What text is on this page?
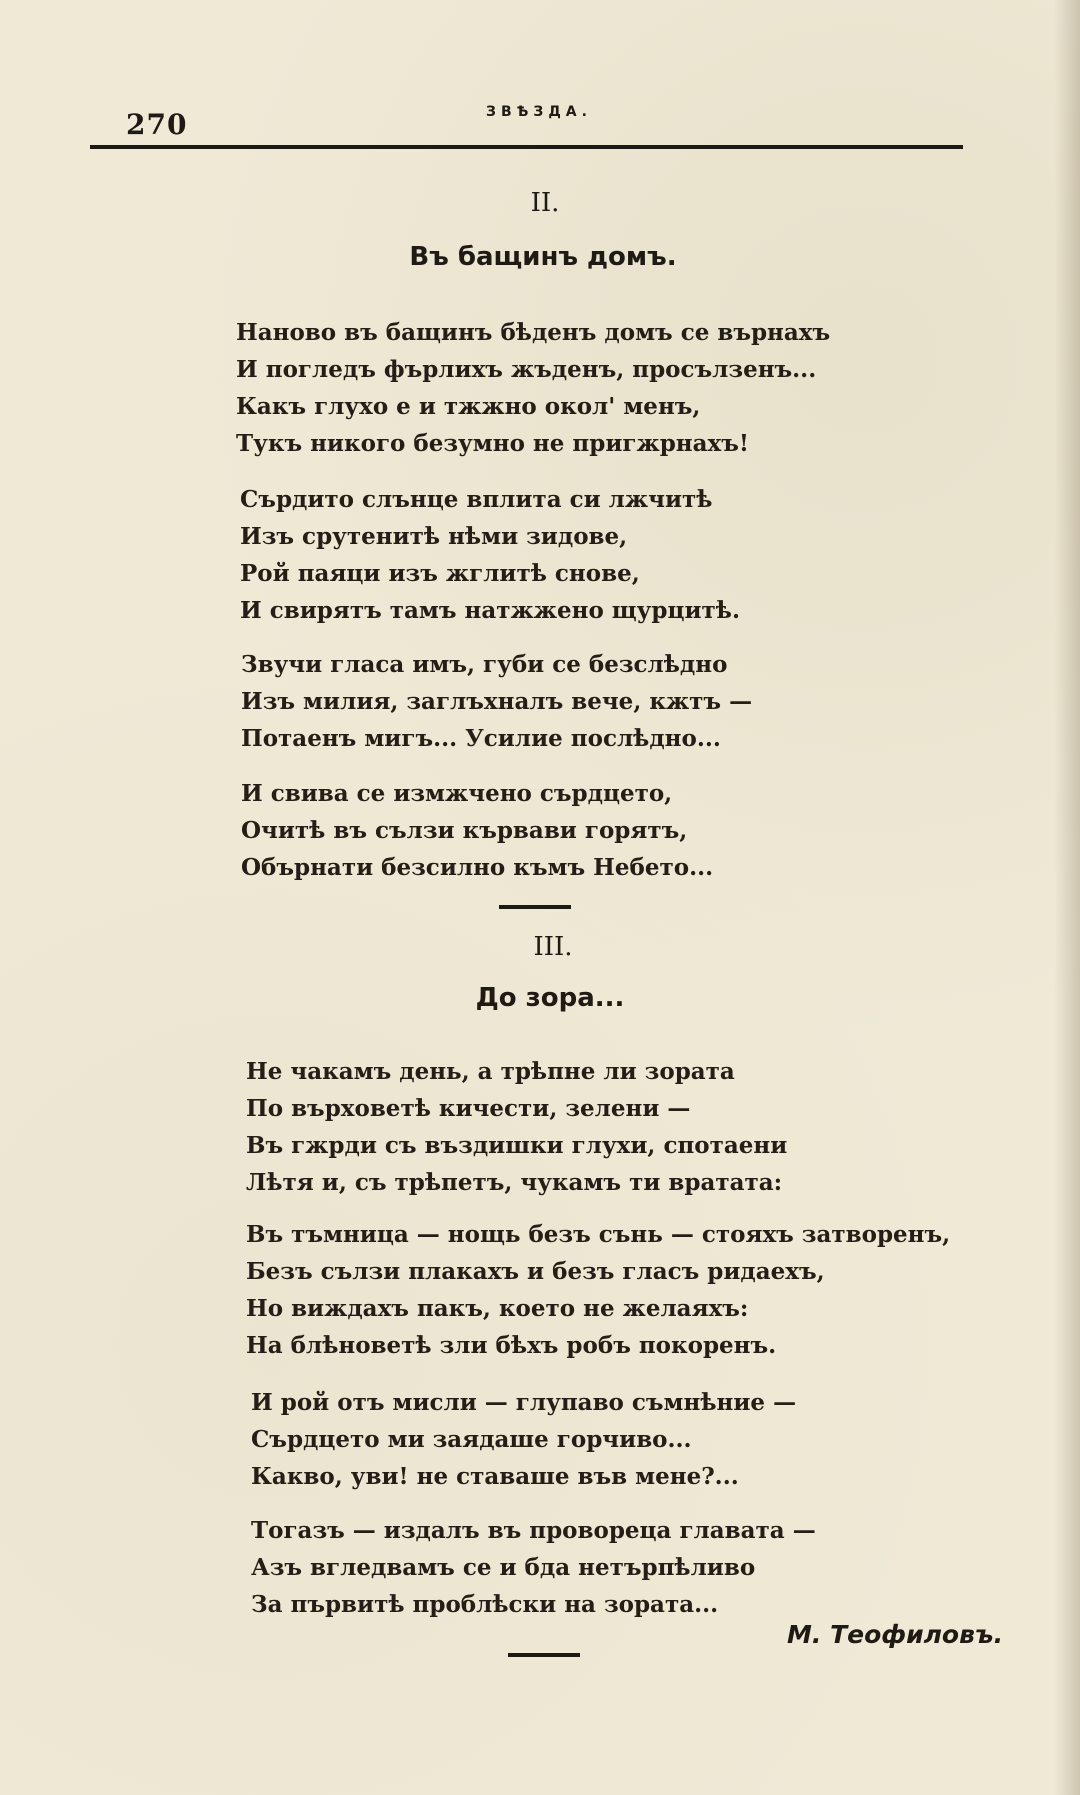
270	ЗВѢЗДА.
II.
Въ бащинъ домъ.
Наново въ бащинъ бѣденъ домъ се върнахъ
И погледъ фърлихъ жъденъ, просълзенъ...
Какъ глухо е и тжжно окол' менъ,
Тукъ никого безумно не пригжрнахъ!
Сърдито слънце вплита си лжчитѣ
Изъ срутенитѣ нѣми зидове,
Рой паяци изъ жглитѣ снове,
И свирятъ тамъ натжжено щурцитѣ.
Звучи гласа имъ, губи се безслѣдно
Изъ милия, заглъхналъ вече, кжтъ —
Потаенъ мигъ... Усилие послѣдно...
И свива се измжчено сърдцето,
Очитѣ въ сълзи кървави горятъ,
Обърнати безсилно къмъ Небето...
III.
До зора...
Не чакамъ день, а трѣпне ли зората
По върховетѣ кичести, зелени —
Въ гжрди съ въздишки глухи, спотаени
Лѣтя и, съ трѣпетъ, чукамъ ти вратата:
Въ тъмница — нощь безъ сънь — стояхъ затворенъ,
Безъ сълзи плакахъ и безъ гласъ ридаехъ,
Но виждахъ пакъ, което не желаяхъ:
На блѣноветѣ зли бѣхъ робъ покоренъ.
И рой отъ мисли — глупаво съмнѣние —
Сърдцето ми заядаше горчиво...
Какво, уви! не ставаше във мене?...
Тогазъ — издалъ въ проворецa главата —
Азъ вгледвамъ се и бда нетърпѣливо
За първитѣ проблѣски на зората...
М. Теофиловъ.
